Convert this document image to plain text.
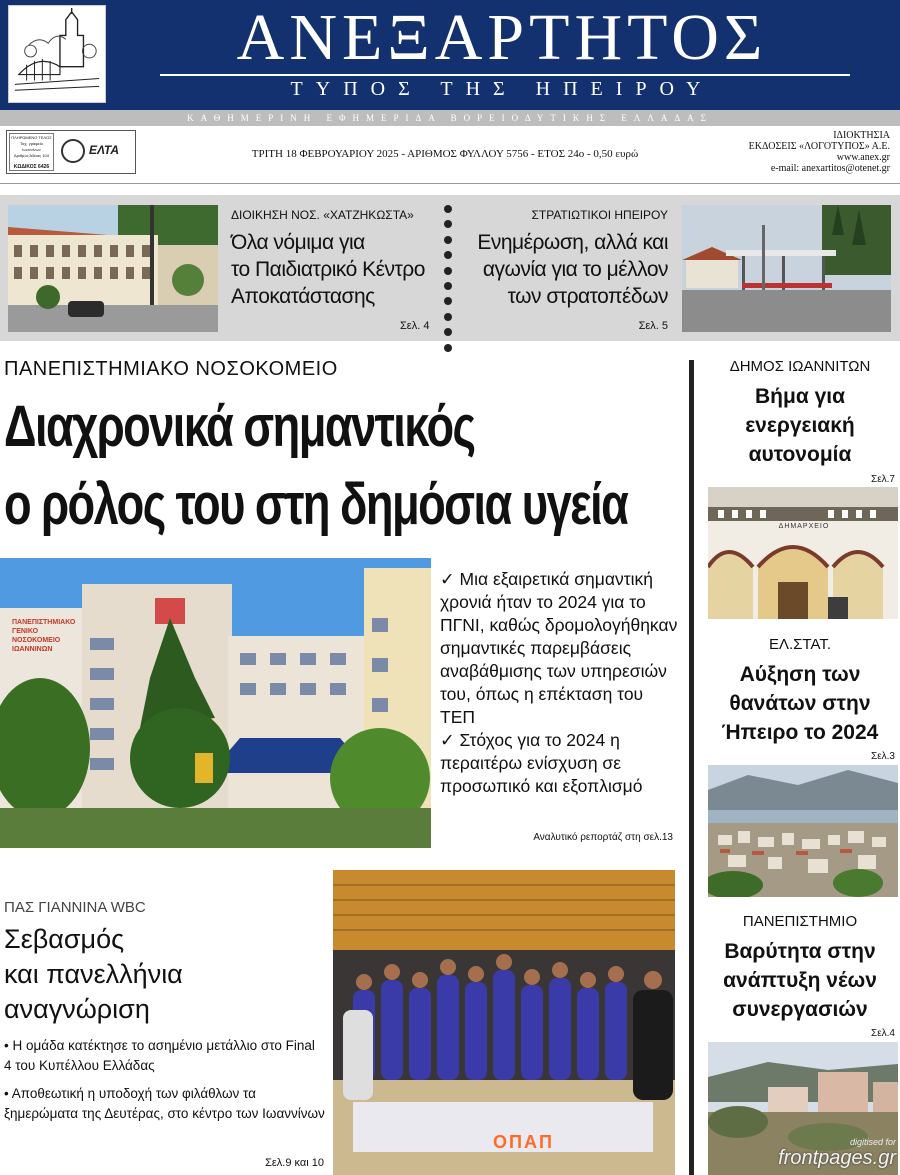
ΑΝΕΞΑΡΤΗΤΟΣ
ΤΥΠΟΣ ΤΗΣ ΗΠΕΙΡΟΥ
ΚΑΘΗΜΕΡΙΝΗ ΕΦΗΜΕΡΙΔΑ ΒΟΡΕΙΟΔΥΤΙΚΗΣ ΕΛΛΑΔΑΣ
ΠΛΗΡΩΜΕΝΟ ΤΕΛΟΣ
Ταχ. γραφείο Ιωαννίνων
Αριθμός Άδειας 104
ΚΩΔΙΚΟΣ 6426
ΕΛΤΑ	ΤΡΙΤΗ 18 ΦΕΒΡΟΥΑΡΙΟΥ 2025 - ΑΡΙΘΜΟΣ ΦΥΛΛΟΥ 5756 - ΕΤΟΣ 24ο - 0,50 ευρώ
ΙΔΙΟΚΤΗΣΙΑ
ΕΚΔΟΣΕΙΣ «ΛΟΓΟΤΥΠΟΣ» Α.Ε.
www.anex.gr
e-mail: anexartitos@otenet.gr
ΔΙΟΙΚΗΣΗ ΝΟΣ. «ΧΑΤΖΗΚΩΣΤΑ»
Όλα νόμιμα για
το Παιδιατρικό Κέντρο
Αποκατάστασης
Σελ. 4
ΣΤΡΑΤΙΩΤΙΚΟΙ ΗΠΕΙΡΟΥ
Ενημέρωση, αλλά και
αγωνία για το μέλλον
των στρατοπέδων
Σελ. 5
ΠΑΝΕΠΙΣΤΗΜΙΑΚΟ ΝΟΣΟΚΟΜΕΙΟ
Διαχρονικά σημαντικός
ο ρόλος του στη δημόσια υγεία
ΠΑΝΕΠΙΣΤΗΜΙΑΚΟ
ΓΕΝΙΚΟ
ΝΟΣΟΚΟΜΕΙΟ
ΙΩΑΝΝΙΝΩΝ

✓ Μια εξαιρετικά σημαντική χρονιά ήταν το 2024 για το ΠΓΝΙ, καθώς δρομολογήθηκαν σημαντικές παρεμβάσεις αναβάθμισης των υπηρεσιών του, όπως η επέκταση του ΤΕΠ

✓ Στόχος για το 2024 η περαιτέρω ενίσχυση σε προσωπικό και εξοπλισμό

Αναλυτικό ρεπορτάζ στη σελ.13
ΔΗΜΟΣ ΙΩΑΝΝΙΤΩΝ
Βήμα για
ενεργειακή
αυτονομία
Σελ.7
ΔΗΜΑΡΧΕΙΟ
ΕΛ.ΣΤΑΤ.
Αύξηση των
θανάτων στην
Ήπειρο το 2024
Σελ.3
ΠΑΝΕΠΙΣΤΗΜΙΟ
Βαρύτητα στην
ανάπτυξη νέων
συνεργασιών
Σελ.4
ΠΑΣ ΓΙΑΝΝΙΝΑ WBC
Σεβασμός
και πανελλήνια
αναγνώριση

• Η ομάδα κατέκτησε το ασημένιο μετάλλιο στο Final 4 του Κυπέλλου Ελλάδας

• Αποθεωτική η υποδοχή των φιλάθλων τα ξημερώματα της Δευτέρας, στο κέντρο των Ιωαννίνων

Σελ.9 και 10
ΟΠΑΠ	digitised for
frontpages.gr
